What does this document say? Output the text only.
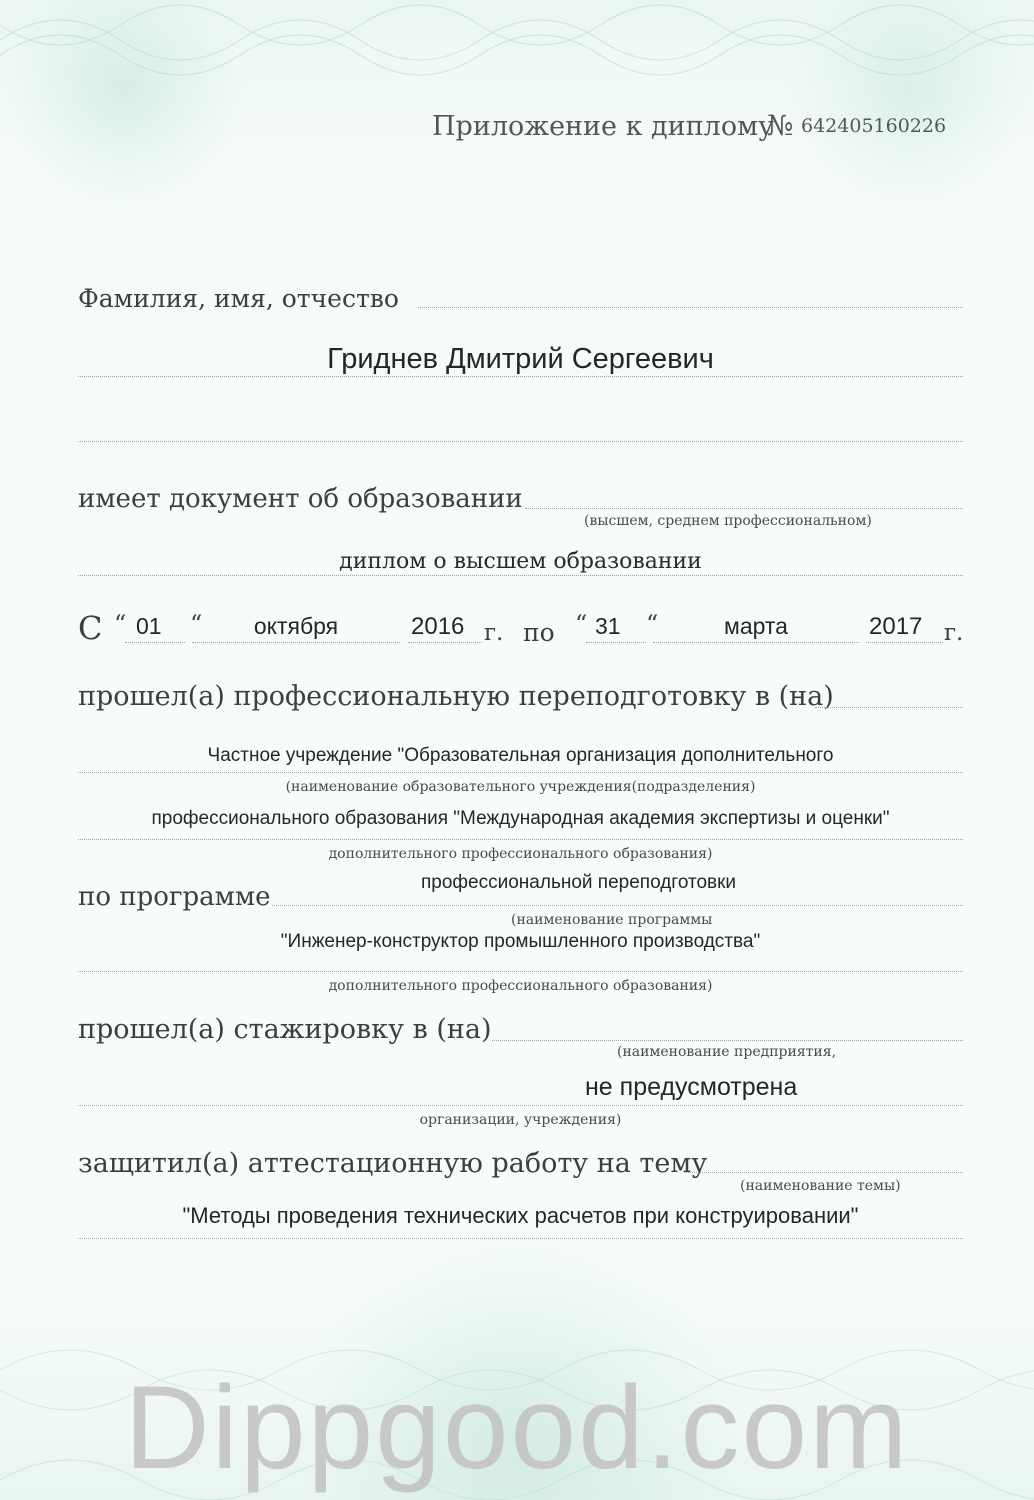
Приложение к диплому
№ 642405160226
Фамилия, имя, отчество
Гриднев Дмитрий Сергеевич
имеет документ об образовании
(высшем, среднем профессиональном)
диплом о высшем образовании
С “ 01 “	октября	2016 г. по “ 31 “	марта	2017 г.
прошел(а) профессиональную переподготовку в (на)
Частное учреждение "Образовательная организация дополнительного
(наименование образовательного учреждения(подразделения)
профессионального образования "Международная академия экспертизы и оценки"
дополнительного профессионального образования)
по программе	профессиональной переподготовки
(наименование программы
"Инженер-конструктор промышленного производства"
дополнительного профессионального образования)
прошел(а) стажировку в (на)
(наименование предприятия,
не предусмотрена
организации, учреждения)
защитил(а) аттестационную работу на тему
(наименование темы)
"Методы проведения технических расчетов при конструировании"
Dippgood.com
